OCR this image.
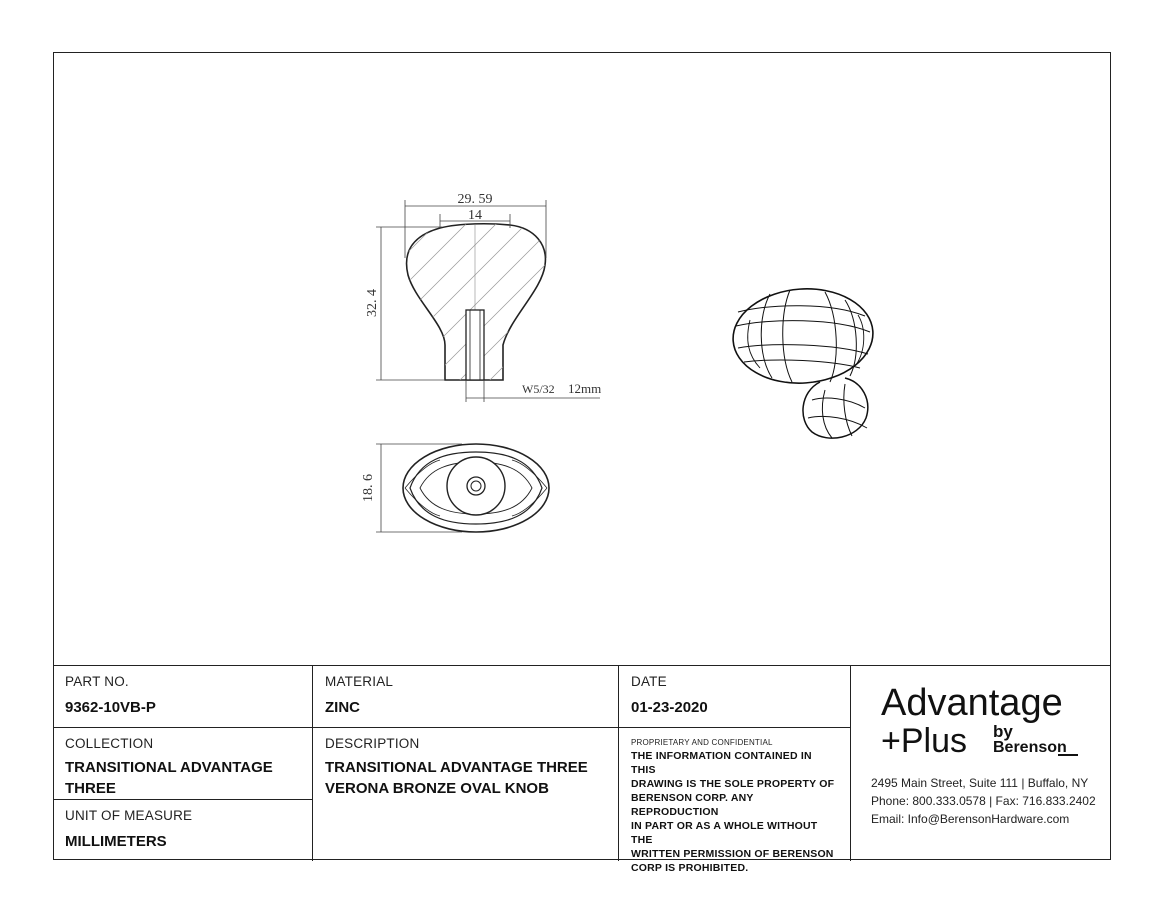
29. 59
14
32. 4
W5/32 12mm
18. 6
PART NO.
9362-10VB-P
MATERIAL
ZINC
DATE
01-23-2020
COLLECTION
TRANSITIONAL ADVANTAGE
THREE
UNIT OF MEASURE
MILLIMETERS
DESCRIPTION
TRANSITIONAL ADVANTAGE THREE
VERONA BRONZE OVAL KNOB
PROPRIETARY AND CONFIDENTIAL
THE INFORMATION CONTAINED IN THIS
DRAWING IS THE SOLE PROPERTY OF
BERENSON CORP. ANY REPRODUCTION
IN PART OR AS A WHOLE WITHOUT THE
WRITTEN PERMISSION OF BERENSON
CORP IS PROHIBITED.
Advantage
+Plus by
Berenson
2495 Main Street, Suite 111 | Buffalo, NY
Phone: 800.333.0578 | Fax: 716.833.2402
Email: Info@BerensonHardware.com
